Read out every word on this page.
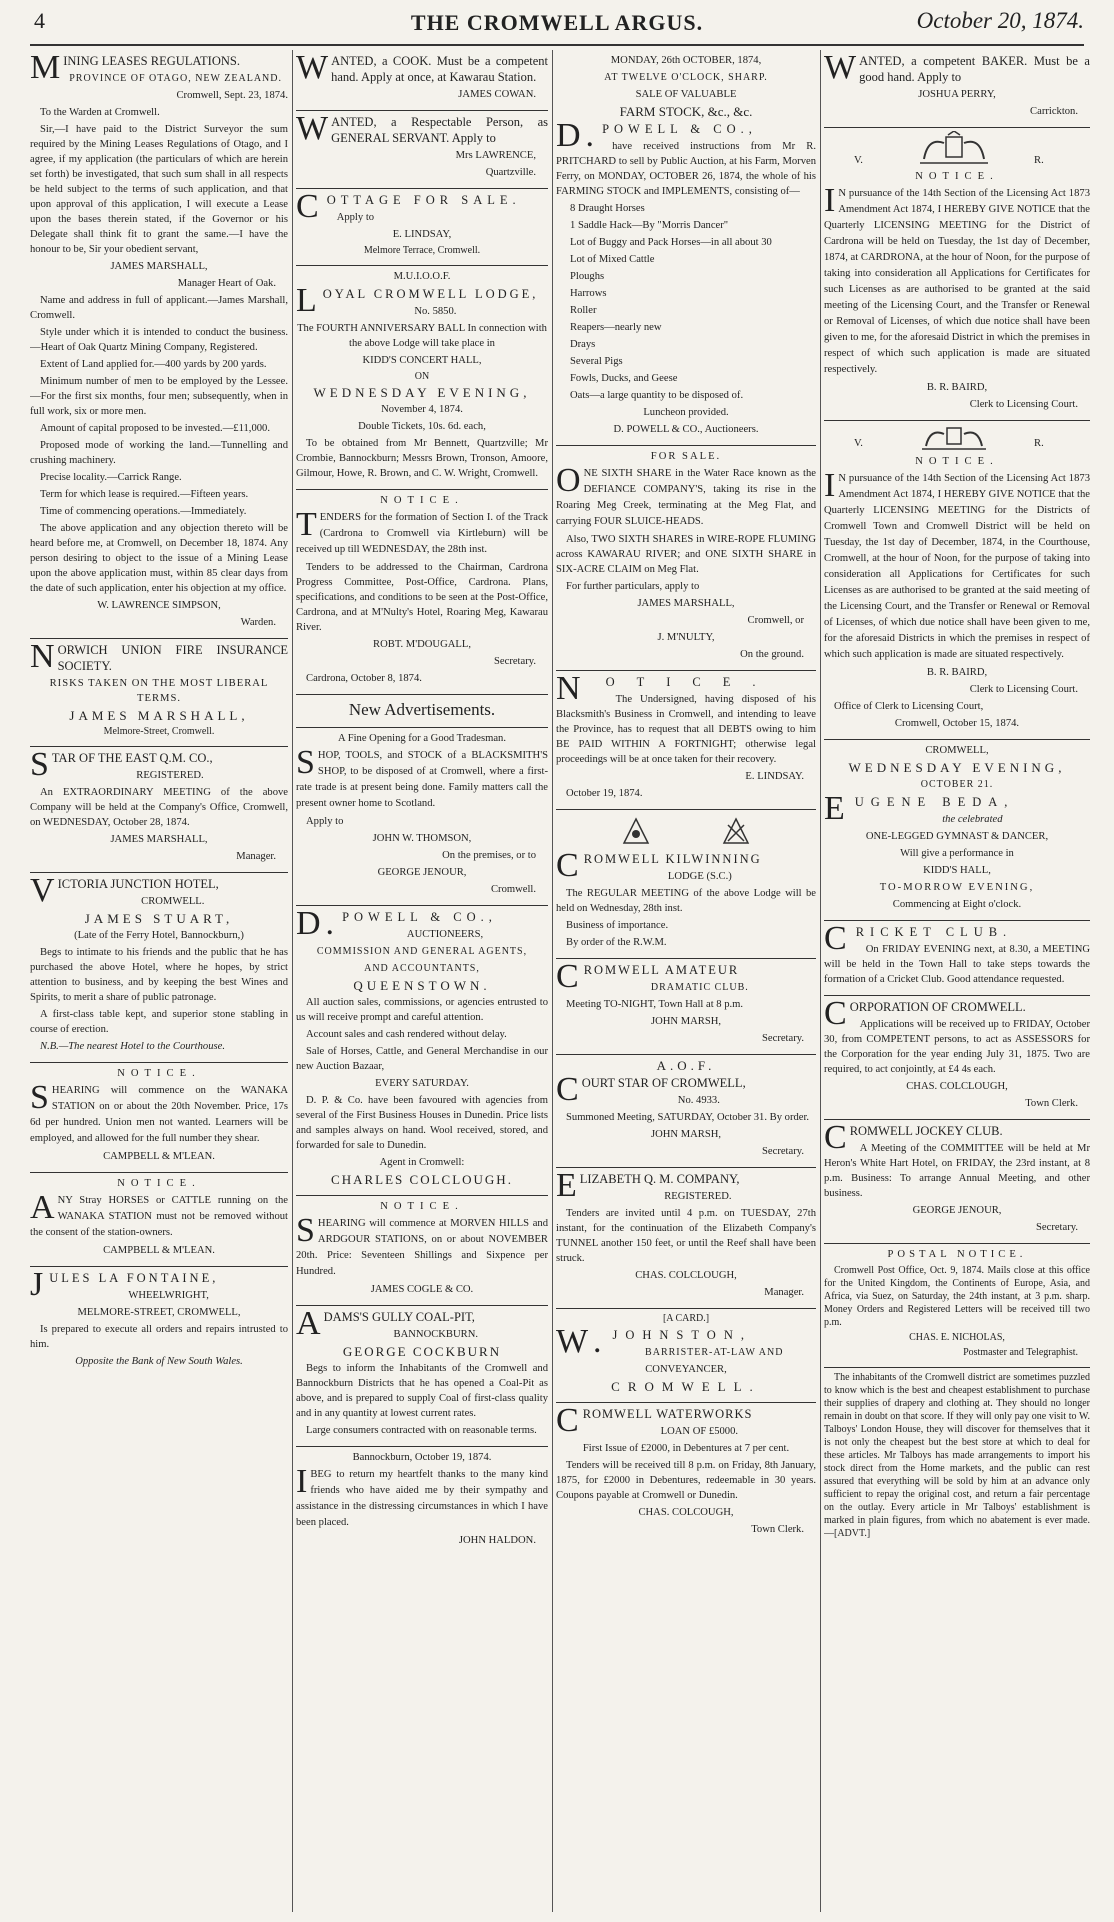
4	THE CROMWELL ARGUS.	October 20, 1874.

MINING LEASES REGULATIONS.

PROVINCE OF OTAGO, NEW ZEALAND.

Cromwell, Sept. 23, 1874.

To the Warden at Cromwell.

Sir,—I have paid to the District Surveyor the sum required by the Mining Leases Regulations of Otago, and I agree, if my application (the particulars of which are herein set forth) be investigated, that such sum shall in all respects be held subject to the terms of such application, and that upon approval of this application, I will execute a Lease upon the bases therein stated, if the Governor or his Delegate shall think fit to grant the same.—I have the honour to be, Sir your obedient servant,

JAMES MARSHALL,

Manager Heart of Oak.

Name and address in full of applicant.—James Marshall, Cromwell.

Style under which it is intended to conduct the business.—Heart of Oak Quartz Mining Company, Registered.

Extent of Land applied for.—400 yards by 200 yards.

Minimum number of men to be employed by the Lessee.—For the first six months, four men; subsequently, when in full work, six or more men.

Amount of capital proposed to be invested.—£11,000.

Proposed mode of working the land.—Tunnelling and crushing machinery.

Precise locality.—Carrick Range.

Term for which lease is required.—Fifteen years.

Time of commencing operations.—Immediately.

The above application and any objection thereto will be heard before me, at Cromwell, on December 18, 1874. Any person desiring to object to the issue of a Mining Lease upon the above application must, within 85 clear days from the date of such application, enter his objection at my office.

W. LAWRENCE SIMPSON,

Warden.

NORWICH UNION FIRE INSURANCE SOCIETY.

RISKS TAKEN ON THE MOST LIBERAL TERMS.

JAMES MARSHALL,

Melmore-Street, Cromwell.

STAR OF THE EAST Q.M. CO.,

REGISTERED.

An EXTRAORDINARY MEETING of the above Company will be held at the Company's Office, Cromwell, on WEDNESDAY, October 28, 1874.

JAMES MARSHALL,

Manager.

VICTORIA JUNCTION HOTEL,

CROMWELL.

JAMES STUART,

(Late of the Ferry Hotel, Bannockburn,)

Begs to intimate to his friends and the public that he has purchased the above Hotel, where he hopes, by strict attention to business, and by keeping the best Wines and Spirits, to merit a share of public patronage.

A first-class table kept, and superior stone stabling in course of erection.

N.B.—The nearest Hotel to the Courthouse.

NOTICE.

SHEARING will commence on the WANAKA STATION on or about the 20th November. Price, 17s 6d per hundred. Union men not wanted. Learners will be employed, and allowed for the full number they shear.

CAMPBELL & M'LEAN.

NOTICE.

ANY Stray HORSES or CATTLE running on the WANAKA STATION must not be removed without the consent of the station-owners.

CAMPBELL & M'LEAN.

JULES LA FONTAINE,

WHEELWRIGHT,

MELMORE-STREET, CROMWELL,

Is prepared to execute all orders and repairs intrusted to him.

Opposite the Bank of New South Wales.

WANTED, a COOK. Must be a competent hand. Apply at once, at Kawarau Station.

JAMES COWAN.

WANTED, a Respectable Person, as GENERAL SERVANT. Apply to

Mrs LAWRENCE,

Quartzville.

COTTAGE FOR SALE.

Apply to

E. LINDSAY,

Melmore Terrace, Cromwell.

M.U.I.O.O.F.

LOYAL CROMWELL LODGE,

No. 5850.

The FOURTH ANNIVERSARY BALL In connection with the above Lodge will take place in

KIDD'S CONCERT HALL,

ON

WEDNESDAY EVENING,

November 4, 1874.

Double Tickets, 10s. 6d. each,

To be obtained from Mr Bennett, Quartzville; Mr Crombie, Bannockburn; Messrs Brown, Tronson, Amoore, Gilmour, Howe, R. Brown, and C. W. Wright, Cromwell.

NOTICE.

TENDERS for the formation of Section I. of the Track (Cardrona to Cromwell via Kirtleburn) will be received up till WEDNESDAY, the 28th inst.

Tenders to be addressed to the Chairman, Cardrona Progress Committee, Post-Office, Cardrona. Plans, specifications, and conditions to be seen at the Post-Office, Cardrona, and at M'Nulty's Hotel, Roaring Meg, Kawarau River.

ROBT. M'DOUGALL,

Secretary.

Cardrona, October 8, 1874.

New Advertisements.

A Fine Opening for a Good Tradesman.

SHOP, TOOLS, and STOCK of a BLACKSMITH'S SHOP, to be disposed of at Cromwell, where a first-rate trade is at present being done. Family matters call the present owner home to Scotland.

Apply to

JOHN W. THOMSON,

On the premises, or to

GEORGE JENOUR,

Cromwell.

D.POWELL & CO.,

AUCTIONEERS,

COMMISSION AND GENERAL AGENTS,

AND ACCOUNTANTS,

QUEENSTOWN.

All auction sales, commissions, or agencies entrusted to us will receive prompt and careful attention.

Account sales and cash rendered without delay.

Sale of Horses, Cattle, and General Merchandise in our new Auction Bazaar,

EVERY SATURDAY.

D. P. & Co. have been favoured with agencies from several of the First Business Houses in Dunedin. Price lists and samples always on hand. Wool received, stored, and forwarded for sale to Dunedin.

Agent in Cromwell:

CHARLES COLCLOUGH.

NOTICE.

SHEARING will commence at MORVEN HILLS and ARDGOUR STATIONS, on or about NOVEMBER 20th. Price: Seventeen Shillings and Sixpence per Hundred.

JAMES COGLE & CO.

ADAMS'S GULLY COAL-PIT,

BANNOCKBURN.

GEORGE COCKBURN

Begs to inform the Inhabitants of the Cromwell and Bannockburn Districts that he has opened a Coal-Pit as above, and is prepared to supply Coal of first-class quality and in any quantity at lowest current rates.

Large consumers contracted with on reasonable terms.

Bannockburn, October 19, 1874.

IBEG to return my heartfelt thanks to the many kind friends who have aided me by their sympathy and assistance in the distressing circumstances in which I have been placed.

JOHN HALDON.

MONDAY, 26th OCTOBER, 1874,

AT TWELVE O'CLOCK, SHARP.

SALE OF VALUABLE

FARM STOCK, &c., &c.

D.POWELL & CO.,

have received instructions from Mr R. PRITCHARD to sell by Public Auction, at his Farm, Morven Ferry, on MONDAY, OCTOBER 26, 1874, the whole of his FARMING STOCK and IMPLEMENTS, consisting of—

8 Draught Horses

1 Saddle Hack—By "Morris Dancer"

Lot of Buggy and Pack Horses—in all about 30

Lot of Mixed Cattle

Ploughs

Harrows

Roller

Reapers—nearly new

Drays

Several Pigs

Fowls, Ducks, and Geese

Oats—a large quantity to be disposed of.

Luncheon provided.

D. POWELL & CO., Auctioneers.

FOR SALE.

ONE SIXTH SHARE in the Water Race known as the DEFIANCE COMPANY'S, taking its rise in the Roaring Meg Creek, terminating at the Meg Flat, and carrying FOUR SLUICE-HEADS.

Also, TWO SIXTH SHARES in WIRE-ROPE FLUMING across KAWARAU RIVER; and ONE SIXTH SHARE in SIX-ACRE CLAIM on Meg Flat.

For further particulars, apply to

JAMES MARSHALL,

Cromwell, or

J. M'NULTY,

On the ground.

NOTICE.

The Undersigned, having disposed of his Blacksmith's Business in Cromwell, and intending to leave the Province, has to request that all DEBTS owing to him BE PAID WITHIN A FORTNIGHT; otherwise legal proceedings will be at once taken for their recovery.

E. LINDSAY.

October 19, 1874.

CROMWELL KILWINNING

LODGE (S.C.)

The REGULAR MEETING of the above Lodge will be held on Wednesday, 28th inst.

Business of importance.

By order of the R.W.M.

CROMWELL AMATEUR

DRAMATIC CLUB.

Meeting TO-NIGHT, Town Hall at 8 p.m.

JOHN MARSH,

Secretary.

A.O.F.

COURT STAR OF CROMWELL,

No. 4933.

Summoned Meeting, SATURDAY, October 31. By order.

JOHN MARSH,

Secretary.

ELIZABETH Q. M. COMPANY,

REGISTERED.

Tenders are invited until 4 p.m. on TUESDAY, 27th instant, for the continuation of the Elizabeth Company's TUNNEL another 150 feet, or until the Reef shall have been struck.

CHAS. COLCLOUGH,

Manager.

[A CARD.]

W.JOHNSTON,

BARRISTER-AT-LAW AND

CONVEYANCER,

CROMWELL.

CROMWELL WATERWORKS

LOAN OF £5000.

First Issue of £2000, in Debentures at 7 per cent.

Tenders will be received till 8 p.m. on Friday, 8th January, 1875, for £2000 in Debentures, redeemable in 30 years. Coupons payable at Cromwell or Dunedin.

CHAS. COLCOUGH,

Town Clerk.

WANTED, a competent BAKER. Must be a good hand. Apply to

JOSHUA PERRY,

Carrickton.

V.	R.

NOTICE.

IN pursuance of the 14th Section of the Licensing Act 1873 Amendment Act 1874, I HEREBY GIVE NOTICE that the Quarterly LICENSING MEETING for the District of Cardrona will be held on Tuesday, the 1st day of December, 1874, at CARDRONA, at the hour of Noon, for the purpose of taking into consideration all Applications for Certificates for such Licenses as are authorised to be granted at the said meeting of the Licensing Court, and the Transfer or Renewal or Removal of Licenses, of which due notice shall have been given to me, for the aforesaid District in which the premises in respect of which such application is made are situated respectively.

B. R. BAIRD,

Clerk to Licensing Court.

V.	R.

NOTICE.

IN pursuance of the 14th Section of the Licensing Act 1873 Amendment Act 1874, I HEREBY GIVE NOTICE that the Quarterly LICENSING MEETING for the Districts of Cromwell Town and Cromwell District will be held on Tuesday, the 1st day of December, 1874, in the Courthouse, Cromwell, at the hour of Noon, for the purpose of taking into consideration all Applications for Certificates for such Licenses as are authorised to be granted at the said meeting of the Licensing Court, and the Transfer or Renewal or Removal of Licenses, of which due notice shall have been given to me, for the aforesaid Districts in which the premises in respect of which such application is made are situated respectively.

B. R. BAIRD,

Clerk to Licensing Court.

Office of Clerk to Licensing Court,

Cromwell, October 15, 1874.

CROMWELL,

WEDNESDAY EVENING,

OCTOBER 21.

EUGENE BEDA,

the celebrated

ONE-LEGGED GYMNAST & DANCER,

Will give a performance in

KIDD'S HALL,

TO-MORROW EVENING,

Commencing at Eight o'clock.

CRICKET CLUB.

On FRIDAY EVENING next, at 8.30, a MEETING will be held in the Town Hall to take steps towards the formation of a Cricket Club. Good attendance requested.

CORPORATION OF CROMWELL.

Applications will be received up to FRIDAY, October 30, from COMPETENT persons, to act as ASSESSORS for the Corporation for the year ending July 31, 1875. Two are required, to act conjointly, at £4 4s each.

CHAS. COLCLOUGH,

Town Clerk.

CROMWELL JOCKEY CLUB.

A Meeting of the COMMITTEE will be held at Mr Heron's White Hart Hotel, on FRIDAY, the 23rd instant, at 8 p.m. Business: To arrange Annual Meeting, and other business.

GEORGE JENOUR,

Secretary.

POSTAL NOTICE.

Cromwell Post Office, Oct. 9, 1874. Mails close at this office for the United Kingdom, the Continents of Europe, Asia, and Africa, via Suez, on Saturday, the 24th instant, at 3 p.m. sharp. Money Orders and Registered Letters will be received till two p.m.

CHAS. E. NICHOLAS,

Postmaster and Telegraphist.

The inhabitants of the Cromwell district are sometimes puzzled to know which is the best and cheapest establishment to purchase their supplies of drapery and clothing at. They should no longer remain in doubt on that score. If they will only pay one visit to W. Talboys' London House, they will discover for themselves that it is not only the cheapest but the best store at which to deal for these articles. Mr Talboys has made arrangements to import his stock direct from the Home markets, and the public can rest assured that everything will be sold by him at an advance only sufficient to repay the original cost, and return a fair percentage on the outlay. Every article in Mr Talboys' establishment is marked in plain figures, from which no abatement is ever made.—[ADVT.]
